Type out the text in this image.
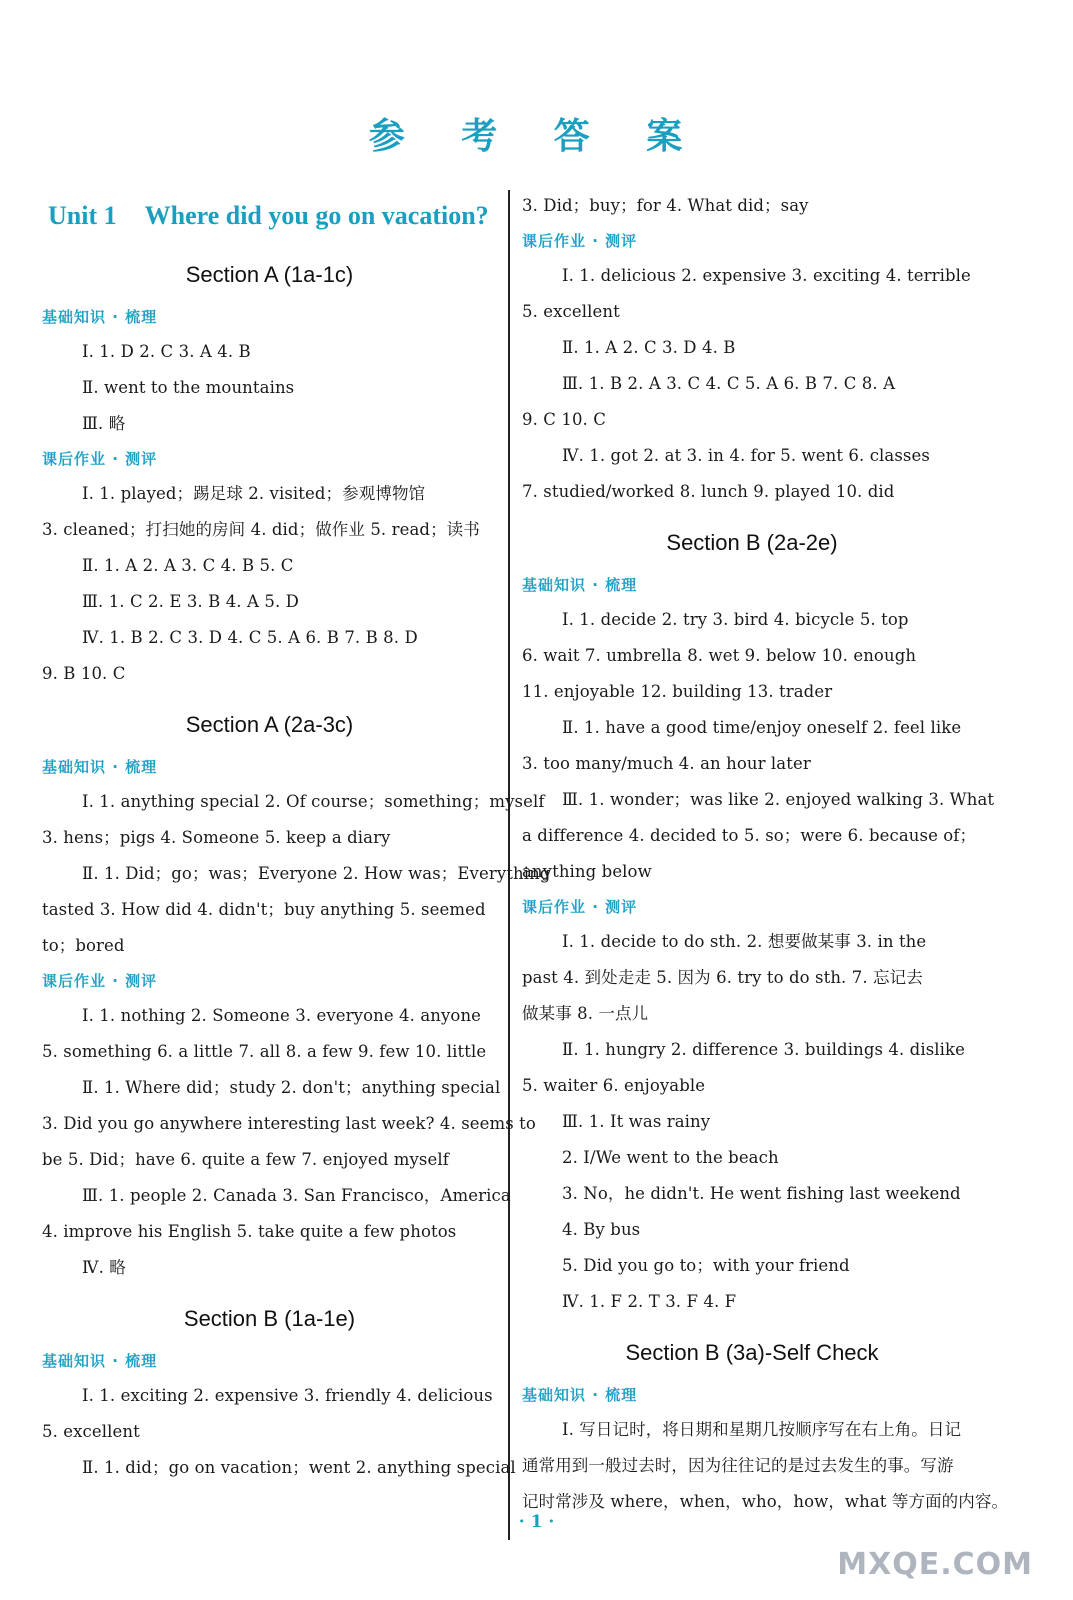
参 考 答 案
Unit 1 Where did you go on vacation?
Section A (1a-1c)
基础知识 · 梳理
Ⅰ. 1. D 2. C 3. A 4. B
Ⅱ. went to the mountains
Ⅲ. 略
课后作业 · 测评
Ⅰ. 1. played；踢足球 2. visited；参观博物馆
3. cleaned；打扫她的房间 4. did；做作业 5. read；读书
Ⅱ. 1. A 2. A 3. C 4. B 5. C
Ⅲ. 1. C 2. E 3. B 4. A 5. D
Ⅳ. 1. B 2. C 3. D 4. C 5. A 6. B 7. B 8. D
9. B 10. C
Section A (2a-3c)
基础知识 · 梳理
Ⅰ. 1. anything special 2. Of course；something；myself
3. hens；pigs 4. Someone 5. keep a diary
Ⅱ. 1. Did；go；was；Everyone 2. How was；Everything
tasted 3. How did 4. didn't；buy anything 5. seemed
to；bored
课后作业 · 测评
Ⅰ. 1. nothing 2. Someone 3. everyone 4. anyone
5. something 6. a little 7. all 8. a few 9. few 10. little
Ⅱ. 1. Where did；study 2. don't；anything special
3. Did you go anywhere interesting last week? 4. seems to
be 5. Did；have 6. quite a few 7. enjoyed myself
Ⅲ. 1. people 2. Canada 3. San Francisco，America
4. improve his English 5. take quite a few photos
Ⅳ. 略
Section B (1a-1e)
基础知识 · 梳理
Ⅰ. 1. exciting 2. expensive 3. friendly 4. delicious
5. excellent
Ⅱ. 1. did；go on vacation；went 2. anything special
3. Did；buy；for 4. What did；say
课后作业 · 测评
Ⅰ. 1. delicious 2. expensive 3. exciting 4. terrible
5. excellent
Ⅱ. 1. A 2. C 3. D 4. B
Ⅲ. 1. B 2. A 3. C 4. C 5. A 6. B 7. C 8. A
9. C 10. C
Ⅳ. 1. got 2. at 3. in 4. for 5. went 6. classes
7. studied/worked 8. lunch 9. played 10. did
Section B (2a-2e)
基础知识 · 梳理
Ⅰ. 1. decide 2. try 3. bird 4. bicycle 5. top
6. wait 7. umbrella 8. wet 9. below 10. enough
11. enjoyable 12. building 13. trader
Ⅱ. 1. have a good time/enjoy oneself 2. feel like
3. too many/much 4. an hour later
Ⅲ. 1. wonder；was like 2. enjoyed walking 3. What
a difference 4. decided to 5. so；were 6. because of；
anything below
课后作业 · 测评
Ⅰ. 1. decide to do sth. 2. 想要做某事 3. in the
past 4. 到处走走 5. 因为 6. try to do sth. 7. 忘记去
做某事 8. 一点儿
Ⅱ. 1. hungry 2. difference 3. buildings 4. dislike
5. waiter 6. enjoyable
Ⅲ. 1. It was rainy
2. I/We went to the beach
3. No，he didn't. He went fishing last weekend
4. By bus
5. Did you go to；with your friend
Ⅳ. 1. F 2. T 3. F 4. F
Section B (3a)-Self Check
基础知识 · 梳理
Ⅰ. 写日记时，将日期和星期几按顺序写在右上角。日记
通常用到一般过去时，因为往往记的是过去发生的事。写游
记时常涉及 where，when，who，how，what 等方面的内容。
· 1 ·
MXQE.COM
